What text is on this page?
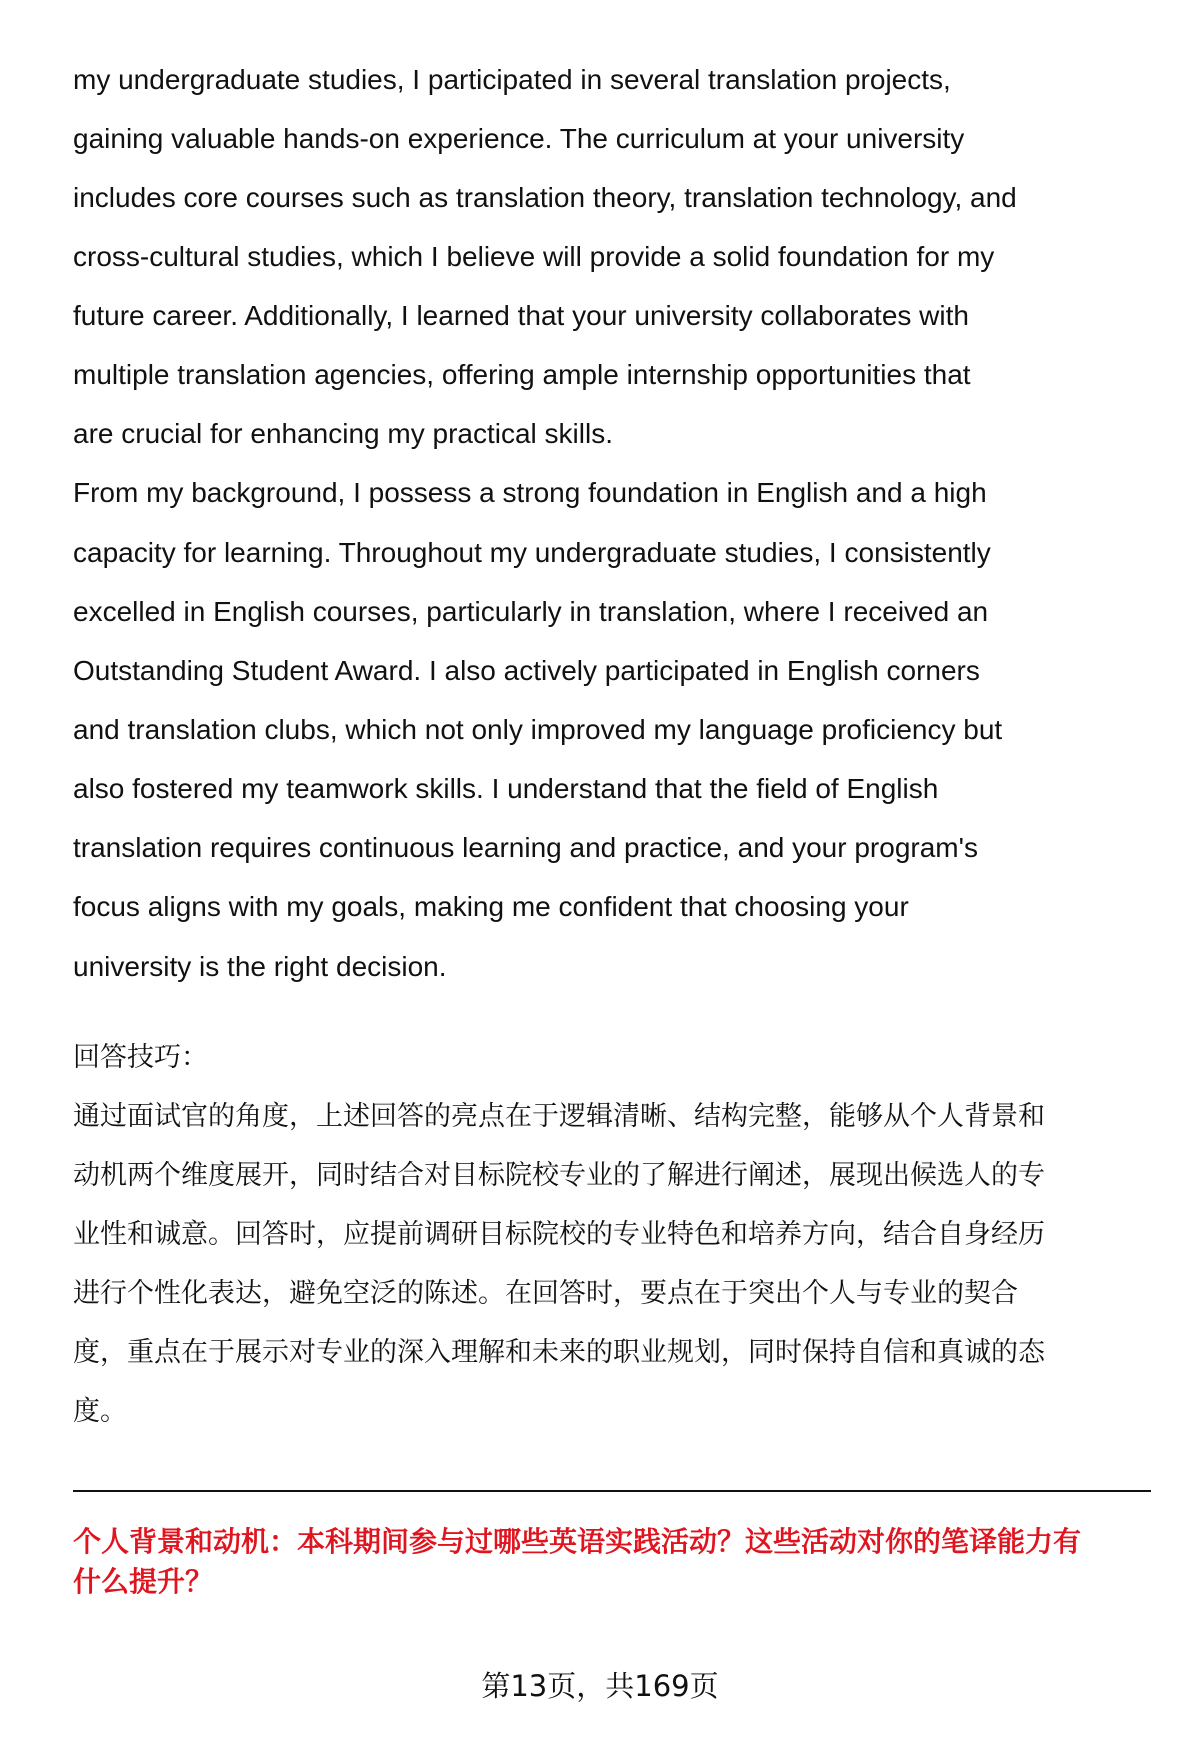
my undergraduate studies, I participated in several translation projects,
gaining valuable hands-on experience. The curriculum at your university
includes core courses such as translation theory, translation technology, and
cross-cultural studies, which I believe will provide a solid foundation for my
future career. Additionally, I learned that your university collaborates with
multiple translation agencies, offering ample internship opportunities that
are crucial for enhancing my practical skills.
From my background, I possess a strong foundation in English and a high
capacity for learning. Throughout my undergraduate studies, I consistently
excelled in English courses, particularly in translation, where I received an
Outstanding Student Award. I also actively participated in English corners
and translation clubs, which not only improved my language proficiency but
also fostered my teamwork skills. I understand that the field of English
translation requires continuous learning and practice, and your program's
focus aligns with my goals, making me confident that choosing your
university is the right decision.
回答技巧：
通过面试官的角度，上述回答的亮点在于逻辑清晰、结构完整，能够从个人背景和
动机两个维度展开，同时结合对目标院校专业的了解进行阐述，展现出候选人的专
业性和诚意。回答时，应提前调研目标院校的专业特色和培养方向，结合自身经历
进行个性化表达，避免空泛的陈述。在回答时，要点在于突出个人与专业的契合
度，重点在于展示对专业的深入理解和未来的职业规划，同时保持自信和真诚的态
度。
个人背景和动机：本科期间参与过哪些英语实践活动？这些活动对你的笔译能力有
什么提升？
第13页，共169页
